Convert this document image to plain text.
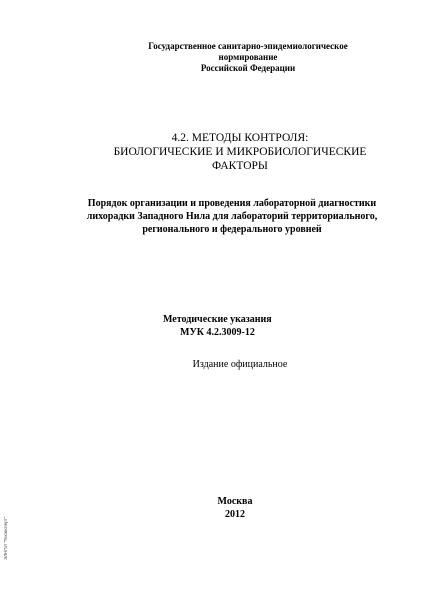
Государственное санитарно-эпидемиологическое нормирование
Российской Федерации
4.2. МЕТОДЫ КОНТРОЛЯ:
БИОЛОГИЧЕСКИЕ И МИКРОБИОЛОГИЧЕСКИЕ ФАКТОРЫ
Порядок организации и проведения лабораторной диагностики
лихорадки Западного Нила для лабораторий территориального,
регионального и федерального уровней
Методические указания
МУК 4.2.3009-12
Издание официальное
Москва
2012
ЭЛНПИ "Техэксперт"
